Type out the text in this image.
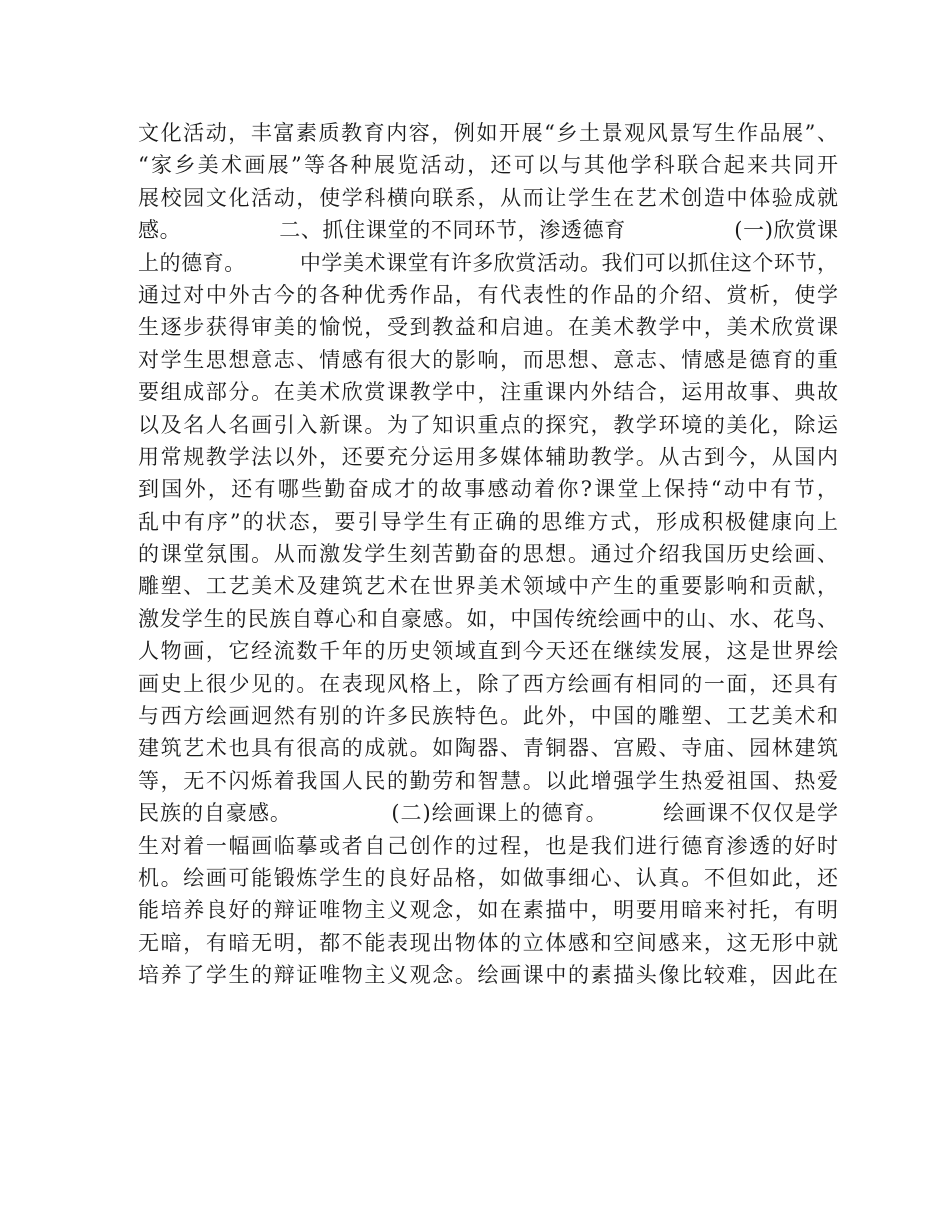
文化活动，丰富素质教育内容，例如开展“乡土景观风景写生作品展”、
“家乡美术画展”等各种展览活动，还可以与其他学科联合起来共同开
展校园文化活动，使学科横向联系，从而让学生在艺术创造中体验成就
感。　　　　　二、抓住课堂的不同环节，渗透德育　　　　　(一)欣赏课
上的德育。　　　中学美术课堂有许多欣赏活动。我们可以抓住这个环节，
通过对中外古今的各种优秀作品，有代表性的作品的介绍、赏析，使学
生逐步获得审美的愉悦，受到教益和启迪。在美术教学中，美术欣赏课
对学生思想意志、情感有很大的影响，而思想、意志、情感是德育的重
要组成部分。在美术欣赏课教学中，注重课内外结合，运用故事、典故
以及名人名画引入新课。为了知识重点的探究，教学环境的美化，除运
用常规教学法以外，还要充分运用多媒体辅助教学。从古到今，从国内
到国外，还有哪些勤奋成才的故事感动着你?课堂上保持“动中有节，
乱中有序”的状态，要引导学生有正确的思维方式，形成积极健康向上
的课堂氛围。从而激发学生刻苦勤奋的思想。通过介绍我国历史绘画、
雕塑、工艺美术及建筑艺术在世界美术领域中产生的重要影响和贡献，
激发学生的民族自尊心和自豪感。如，中国传统绘画中的山、水、花鸟、
人物画，它经流数千年的历史领域直到今天还在继续发展，这是世界绘
画史上很少见的。在表现风格上，除了西方绘画有相同的一面，还具有
与西方绘画迥然有别的许多民族特色。此外，中国的雕塑、工艺美术和
建筑艺术也具有很高的成就。如陶器、青铜器、宫殿、寺庙、园林建筑
等，无不闪烁着我国人民的勤劳和智慧。以此增强学生热爱祖国、热爱
民族的自豪感。　　　　　(二)绘画课上的德育。　　　绘画课不仅仅是学
生对着一幅画临摹或者自己创作的过程，也是我们进行德育渗透的好时
机。绘画可能锻炼学生的良好品格，如做事细心、认真。不但如此，还
能培养良好的辩证唯物主义观念，如在素描中，明要用暗来衬托，有明
无暗，有暗无明，都不能表现出物体的立体感和空间感来，这无形中就
培养了学生的辩证唯物主义观念。绘画课中的素描头像比较难，因此在
